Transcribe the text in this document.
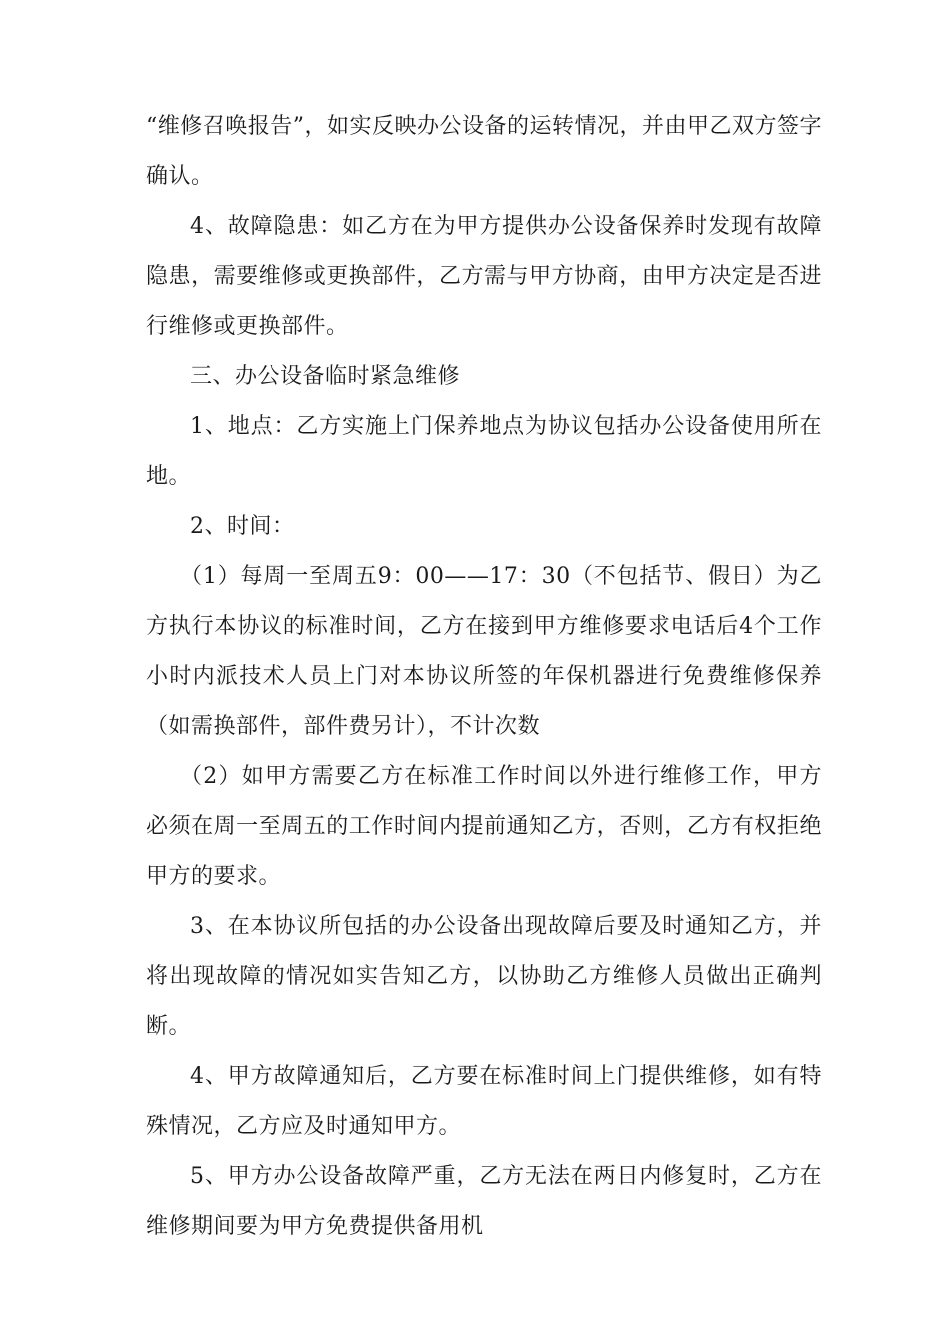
“维修召唤报告”，如实反映办公设备的运转情况，并由甲乙双方签字确认。

4、故障隐患：如乙方在为甲方提供办公设备保养时发现有故障隐患，需要维修或更换部件，乙方需与甲方协商，由甲方决定是否进行维修或更换部件。

三、办公设备临时紧急维修

1、地点：乙方实施上门保养地点为协议包括办公设备使用所在地。

2、时间：

（1）每周一至周五9：00——17：30（不包括节、假日）为乙方执行本协议的标准时间，乙方在接到甲方维修要求电话后4个工作小时内派技术人员上门对本协议所签的年保机器进行免费维修保养（如需换部件，部件费另计），不计次数

（2）如甲方需要乙方在标准工作时间以外进行维修工作，甲方必须在周一至周五的工作时间内提前通知乙方，否则，乙方有权拒绝甲方的要求。

3、在本协议所包括的办公设备出现故障后要及时通知乙方，并将出现故障的情况如实告知乙方，以协助乙方维修人员做出正确判断。

4、甲方故障通知后，乙方要在标准时间上门提供维修，如有特殊情况，乙方应及时通知甲方。

5、甲方办公设备故障严重，乙方无法在两日内修复时，乙方在维修期间要为甲方免费提供备用机
